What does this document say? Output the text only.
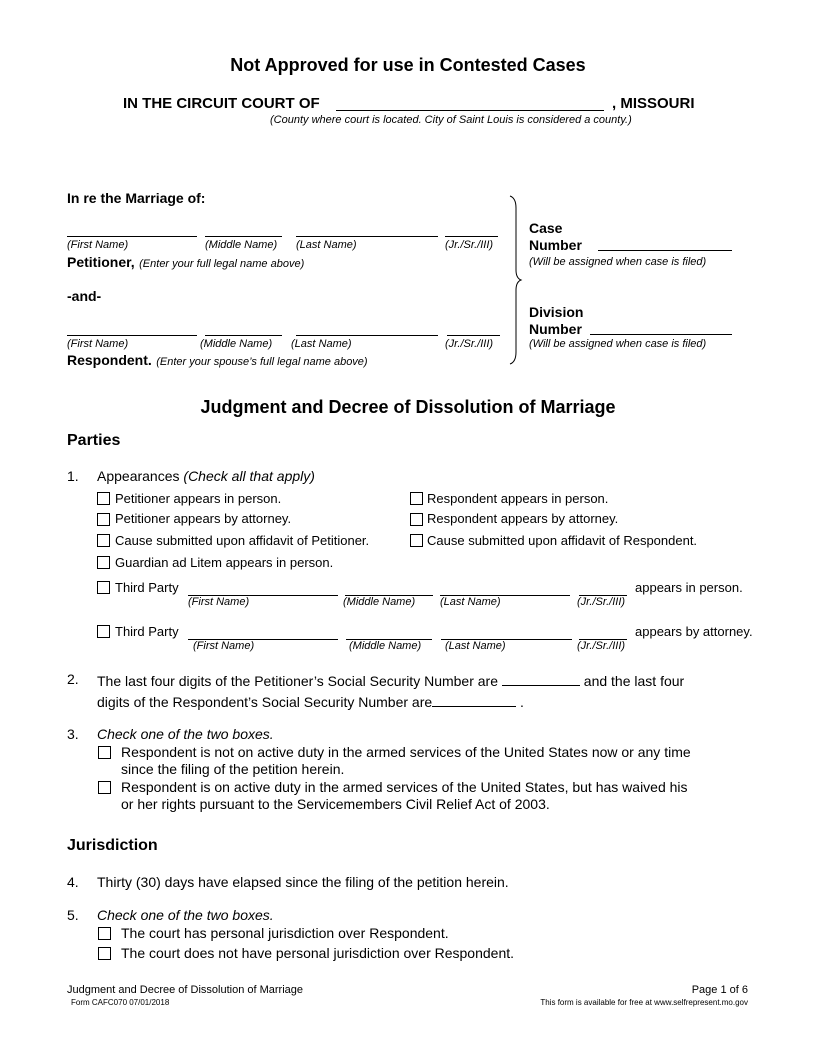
Not Approved for use in Contested Cases
IN THE CIRCUIT COURT OF	, MISSOURI
(County where court is located. City of Saint Louis is considered a county.)
In re the Marriage of:
(First Name)	(Middle Name) (Last Name)	(Jr./Sr./III)
Petitioner, (Enter your full legal name above)
-and-
(First Name)	(Middle Name) (Last Name)	(Jr./Sr./III)
Respondent. (Enter your spouse’s full legal name above)
Case
Number
(Will be assigned when case is filed)
Division
Number
(Will be assigned when case is filed)
Judgment and Decree of Dissolution of Marriage
Parties
1. Appearances (Check all that apply)
Petitioner appears in person.
Petitioner appears by attorney.
Cause submitted upon affidavit of Petitioner.
Guardian ad Litem appears in person.
Respondent appears in person.
Respondent appears by attorney.
Cause submitted upon affidavit of Respondent.
Third Party	appears in person.
(First Name)	(Middle Name) (Last Name)	(Jr./Sr./III)
Third Party	appears by attorney.
(First Name)	(Middle Name) (Last Name)	(Jr./Sr./III)
2. The last four digits of the Petitioner’s Social Security Number are	and the last four
digits of the Respondent’s Social Security Number are	.
3. Check one of the two boxes.
Respondent is not on active duty in the armed services of the United States now or any time
since the filing of the petition herein.
Respondent is on active duty in the armed services of the United States, but has waived his
or her rights pursuant to the Servicemembers Civil Relief Act of 2003.
Jurisdiction
4. Thirty (30) days have elapsed since the filing of the petition herein.
5. Check one of the two boxes.
The court has personal jurisdiction over Respondent.
The court does not have personal jurisdiction over Respondent.
Judgment and Decree of Dissolution of Marriage
Form CAFC070 07/01/2018
Page 1 of 6
This form is available for free at www.selfrepresent.mo.gov
